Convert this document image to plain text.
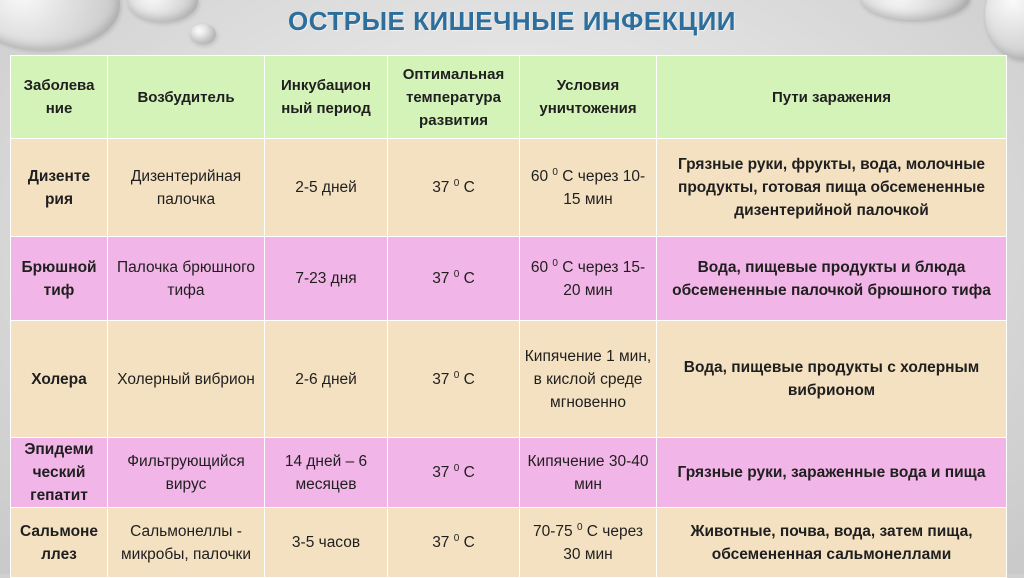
ОСТРЫЕ КИШЕЧНЫЕ ИНФЕКЦИИ
Заболева ние	Возбудитель	Инкубацион ный период	Оптимальная температура развития	Условия уничтожения	Пути заражения
Дизенте рия	Дизентерийная палочка	2-5 дней	37 $^0$ С	60 $^0$ С через 10-15 мин	Грязные руки, фрукты, вода, молочные продукты, готовая пища обсемененные дизентерийной палочкой
Брюшной тиф	Палочка брюшного тифа	7-23 дня	37 $^0$ С	60 $^0$ С через 15-20 мин	Вода, пищевые продукты и блюда обсемененные палочкой брюшного тифа
Холера	Холерный вибрион	2-6 дней	37 $^0$ С	Кипячение 1 мин, в кислой среде мгновенно	Вода, пищевые продукты с холерным вибрионом
Эпидеми ческий гепатит	Фильтрующийся вирус	14 дней – 6 месяцев	37 $^0$ С	Кипячение 30-40 мин	Грязные руки, зараженные вода и пища
Сальмоне ллез	Сальмонеллы - микробы, палочки	3-5 часов	37 $^0$ С	70-75 $^0$ С через 30 мин	Животные, почва, вода, затем пища, обсемененная сальмонеллами
